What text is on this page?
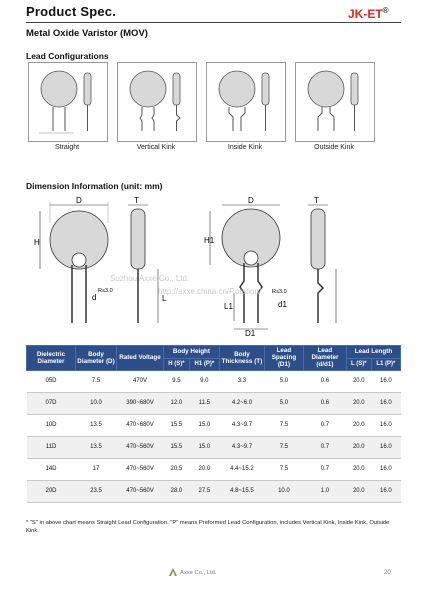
Product Spec.	JK-ET®
Metal Oxide Varistor (MOV)
Lead Configurations
Straight	Vertical Kink	Inside Kink	Outside Kink
Dimension Information (unit: mm)
D
H
d
R≤3.0
T
L
D
H1
L1
R≤3.0
d1
D1
T
Suzhou Axxe Co., Ltd.
http://axxe.china.cn/Rotation/
Dielectric Diameter	Body Diameter (D)	Rated Voltage	Body Height		Body Thickness (T)	Lead Spacing (D1)	Lead Diameter (d/d1)	Lead Length	
			H (S)*	H1 (P)*				L (S)*	L1 (P)*
05D	7.5	470V	9.5	9.0	3.3	5.0	0.6	20.0	16.0
07D	10.0	390~680V	12.0	11.5	4.2~6.0	5.0	0.6	20.0	16.0
10D	13.5	470~680V	15.5	15.0	4.3~9.7	7.5	0.7	20.0	16.0
11D	13.5	470~560V	15.5	15.0	4.3~9.7	7.5	0.7	20.0	16.0
14D	17	470~560V	20.5	20.0	4.4~15.2	7.5	0.7	20.0	16.0
20D	23.5	470~560V	28.0	27.5	4.8~15.5	10.0	1.0	20.0	16.0
* "S" in above chart means Straight Lead Configuration. "P" means Preformed Lead Configuration, includes Vertical Kink, Inside Kink, Outside Kink.
Axxe Co., Ltd.	20
